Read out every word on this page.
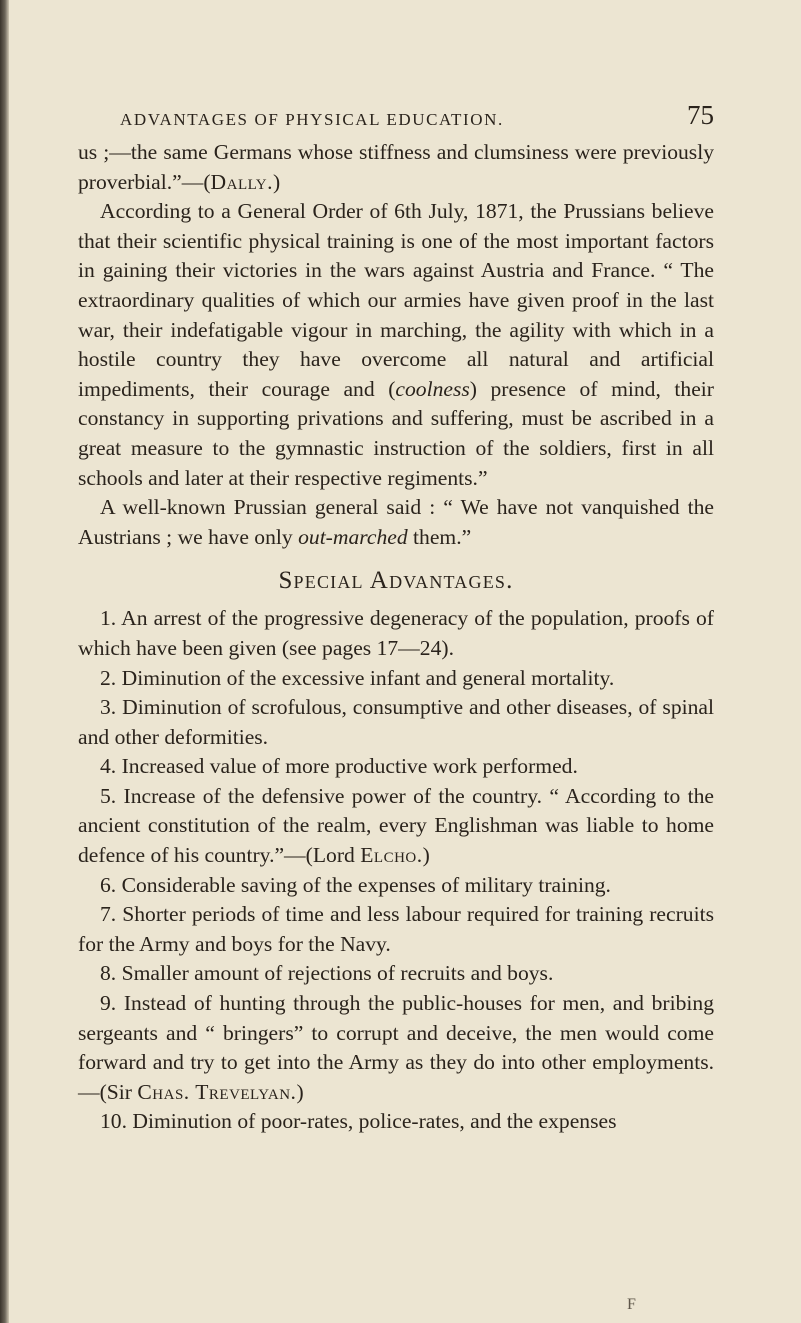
ADVANTAGES OF PHYSICAL EDUCATION.	75

us ;—the same Germans whose stiffness and clumsiness were previously proverbial.”—(Dally.)

According to a General Order of 6th July, 1871, the Prussians believe that their scientific physical training is one of the most important factors in gaining their victories in the wars against Austria and France. “ The extraordinary qualities of which our armies have given proof in the last war, their indefatigable vigour in marching, the agility with which in a hostile country they have overcome all natural and artificial impediments, their courage and (coolness) presence of mind, their constancy in supporting privations and suffering, must be ascribed in a great measure to the gymnastic instruction of the soldiers, first in all schools and later at their respective regiments.”

A well-known Prussian general said : “ We have not vanquished the Austrians ; we have only out-marched them.”

Special Advantages.

1. An arrest of the progressive degeneracy of the population, proofs of which have been given (see pages 17—24).

2. Diminution of the excessive infant and general mortality.

3. Diminution of scrofulous, consumptive and other diseases, of spinal and other deformities.

4. Increased value of more productive work performed.

5. Increase of the defensive power of the country. “ According to the ancient constitution of the realm, every Englishman was liable to home defence of his country.”—(Lord Elcho.)

6. Considerable saving of the expenses of military training.

7. Shorter periods of time and less labour required for training recruits for the Army and boys for the Navy.

8. Smaller amount of rejections of recruits and boys.

9. Instead of hunting through the public-houses for men, and bribing sergeants and “ bringers” to corrupt and deceive, the men would come forward and try to get into the Army as they do into other employments.—(Sir Chas. Trevelyan.)

10. Diminution of poor-rates, police-rates, and the expenses

F
